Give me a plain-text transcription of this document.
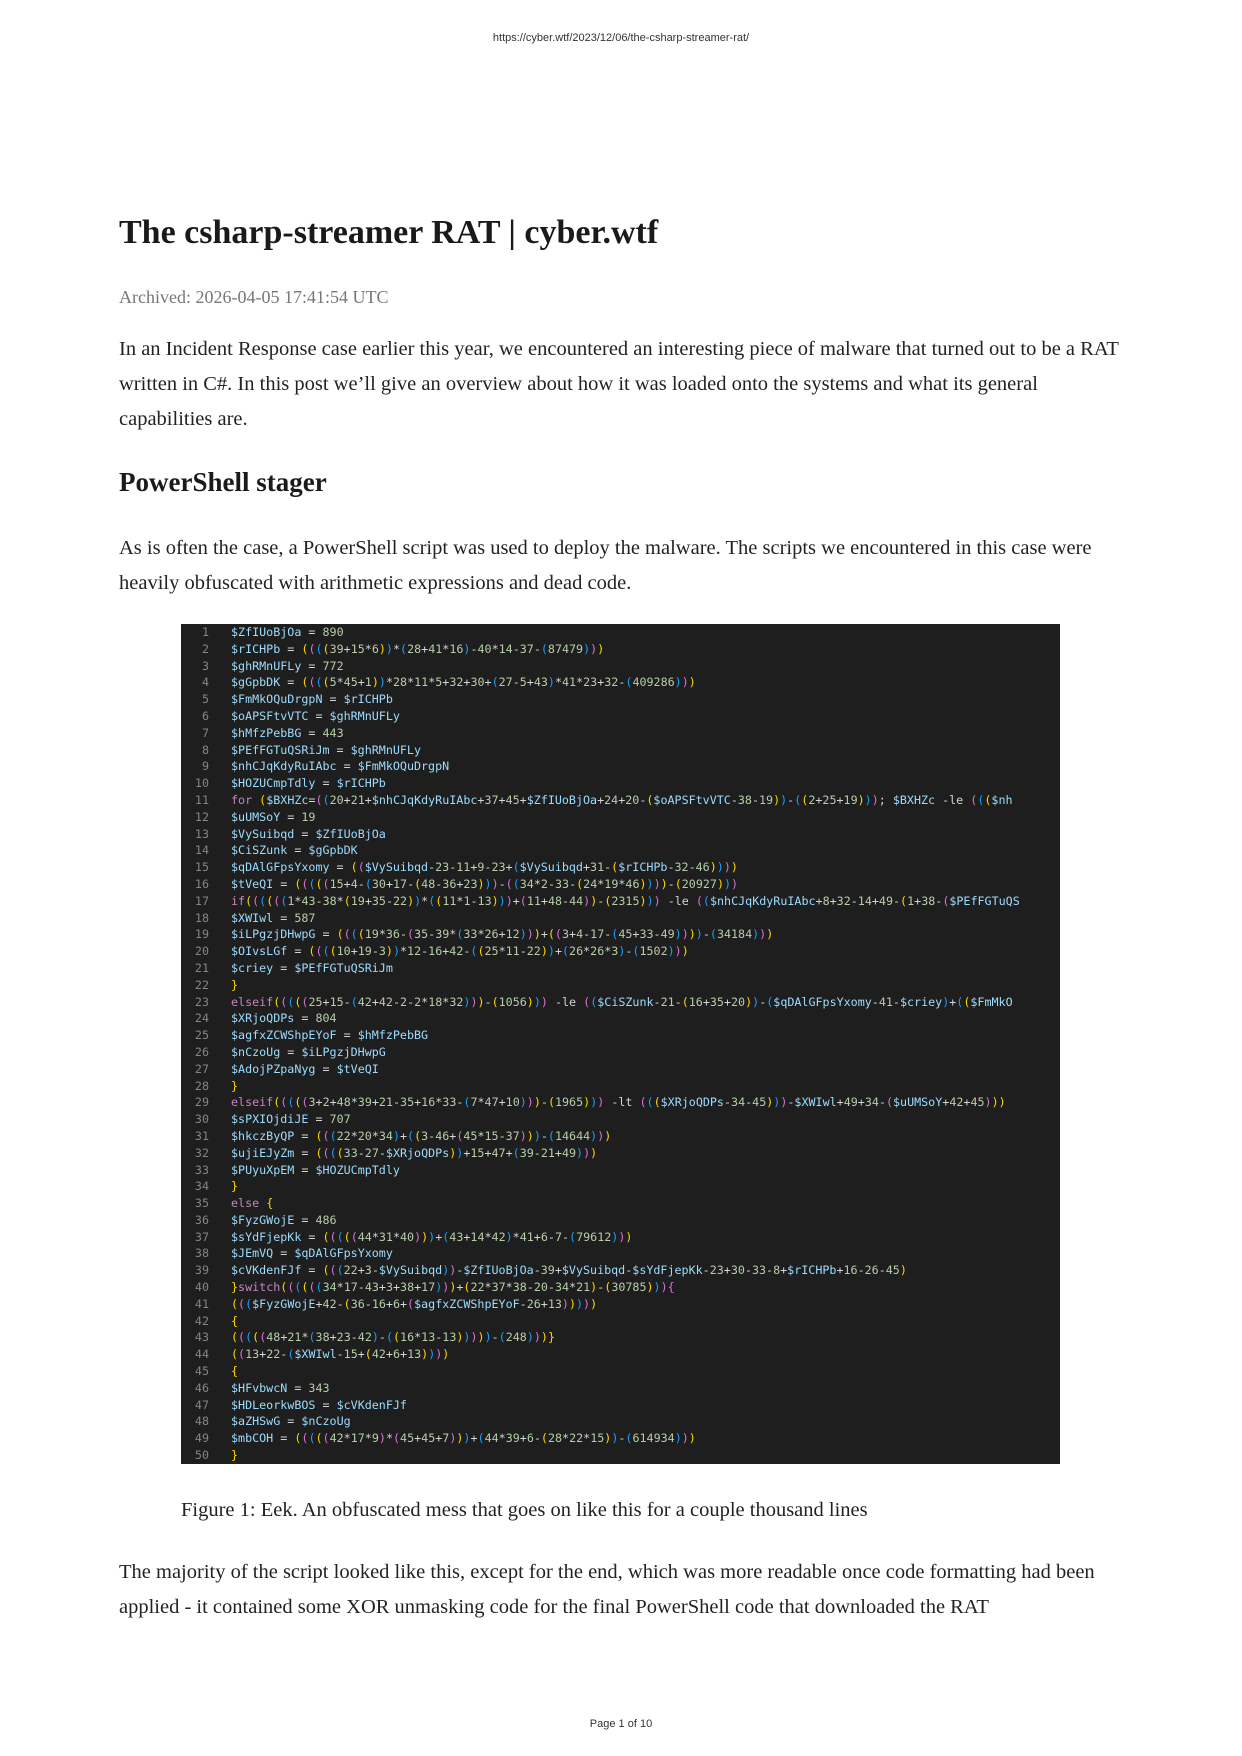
https://cyber.wtf/2023/12/06/the-csharp-streamer-rat/
The csharp-streamer RAT | cyber.wtf
Archived: 2026-04-05 17:41:54 UTC

In an Incident Response case earlier this year, we encountered an interesting piece of malware that turned out to be a RAT written in C#. In this post we’ll give an overview about how it was loaded onto the systems and what its general capabilities are.

PowerShell stager

As is often the case, a PowerShell script was used to deploy the malware. The scripts we encountered in this case were heavily obfuscated with arithmetic expressions and dead code.

1 $ZfIUoBjOa = 890
2 $rICHPb = ((((39+15*6))*(28+41*16)-40*14-37-(87479)))
3 $ghRMnUFLy = 772
4 $gGpbDK = ((((5*45+1))*28*11*5+32+30+(27-5+43)*41*23+32-(409286)))
5 $FmMkOQuDrgpN = $rICHPb
6 $oAPSFtvVTC = $ghRMnUFLy
7 $hMfzPebBG = 443
8 $PEfFGTuQSRiJm = $ghRMnUFLy
9 $nhCJqKdyRuIAbc = $FmMkOQuDrgpN
10 $HOZUCmpTdly = $rICHPb
11 for ($BXHZc=((20+21+$nhCJqKdyRuIAbc+37+45+$ZfIUoBjOa+24+20-($oAPSFtvVTC-38-19))-((2+25+19))); $BXHZc -le ((($nh
12 $uUMSoY = 19
13 $VySuibqd = $ZfIUoBjOa
14 $CiSZunk = $gGpbDK
15 $qDAlGFpsYxomy = (($VySuibqd-23-11+9-23+($VySuibqd+31-($rICHPb-32-46))))
16 $tVeQI = (((((15+4-(30+17-(48-36+23)))-((34*2-33-(24*19*46))))-(20927)))
17 if((((((1*43-38*(19+35-22))*((11*1-13)))+(11+48-44))-(2315))) -le (($nhCJqKdyRuIAbc+8+32-14+49-(1+38-($PEfFGTuQS
18 $XWIwl = 587
19 $iLPgzjDHwpG = ((((19*36-(35-39*(33*26+12)))+((3+4-17-(45+33-49))))-(34184)))
20 $OIvsLGf = ((((10+19-3))*12-16+42-((25*11-22))+(26*26*3)-(1502)))
21 $criey = $PEfFGTuQSRiJm
22 }
23 elseif(((((25+15-(42+42-2-2*18*32)))-(1056))) -le (($CiSZunk-21-(16+35+20))-($qDAlGFpsYxomy-41-$criey)+(($FmMkO
24 $XRjoQDPs = 804
25 $agfxZCWShpEYoF = $hMfzPebBG
26 $nCzoUg = $iLPgzjDHwpG
27 $AdojPZpaNyg = $tVeQI
28 }
29 elseif(((((3+2+48*39+21-35+16*33-(7*47+10)))-(1965))) -lt ((($XRjoQDPs-34-45)))-$XWIwl+49+34-($uUMSoY+42+45)))
30 $sPXIOjdiJE = 707
31 $hkczByQP = (((22*20*34)+((3-46+(45*15-37)))-(14644)))
32 $ujiEJyZm = ((((33-27-$XRjoQDPs))+15+47+(39-21+49)))
33 $PUyuXpEM = $HOZUCmpTdly
34 }
35 else {
36 $FyzGWojE = 486
37 $sYdFjepKk = (((((44*31*40)))+(43+14*42)*41+6-7-(79612)))
38 $JEmVQ = $qDAlGFpsYxomy
39 $cVKdenFJf = (((22+3-$VySuibqd))-$ZfIUoBjOa-39+$VySuibqd-$sYdFjepKk-23+30-33-8+$rICHPb+16-26-45)
40 }switch((((((34*17-43+3+38+17)))+(22*37*38-20-34*21)-(30785))){
41 ((($FyzGWojE+42-(36-16+6+($agfxZCWShpEYoF-26+13)))))
42 {
43 (((((48+21*(38+23-42)-((16*13-13)))))-(248)))}
44 ((13+22-($XWIwl-15+(42+6+13))))
45 {
46 $HFvbwcN = 343
47 $HDLeorkwBOS = $cVKdenFJf
48 $aZHSwG = $nCzoUg
49 $mbCOH = (((((42*17*9)*(45+45+7)))+(44*39+6-(28*22*15))-(614934)))
50 }
Figure 1: Eek. An obfuscated mess that goes on like this for a couple thousand lines

The majority of the script looked like this, except for the end, which was more readable once code formatting had been applied - it contained some XOR unmasking code for the final PowerShell code that downloaded the RAT

Page 1 of 10
